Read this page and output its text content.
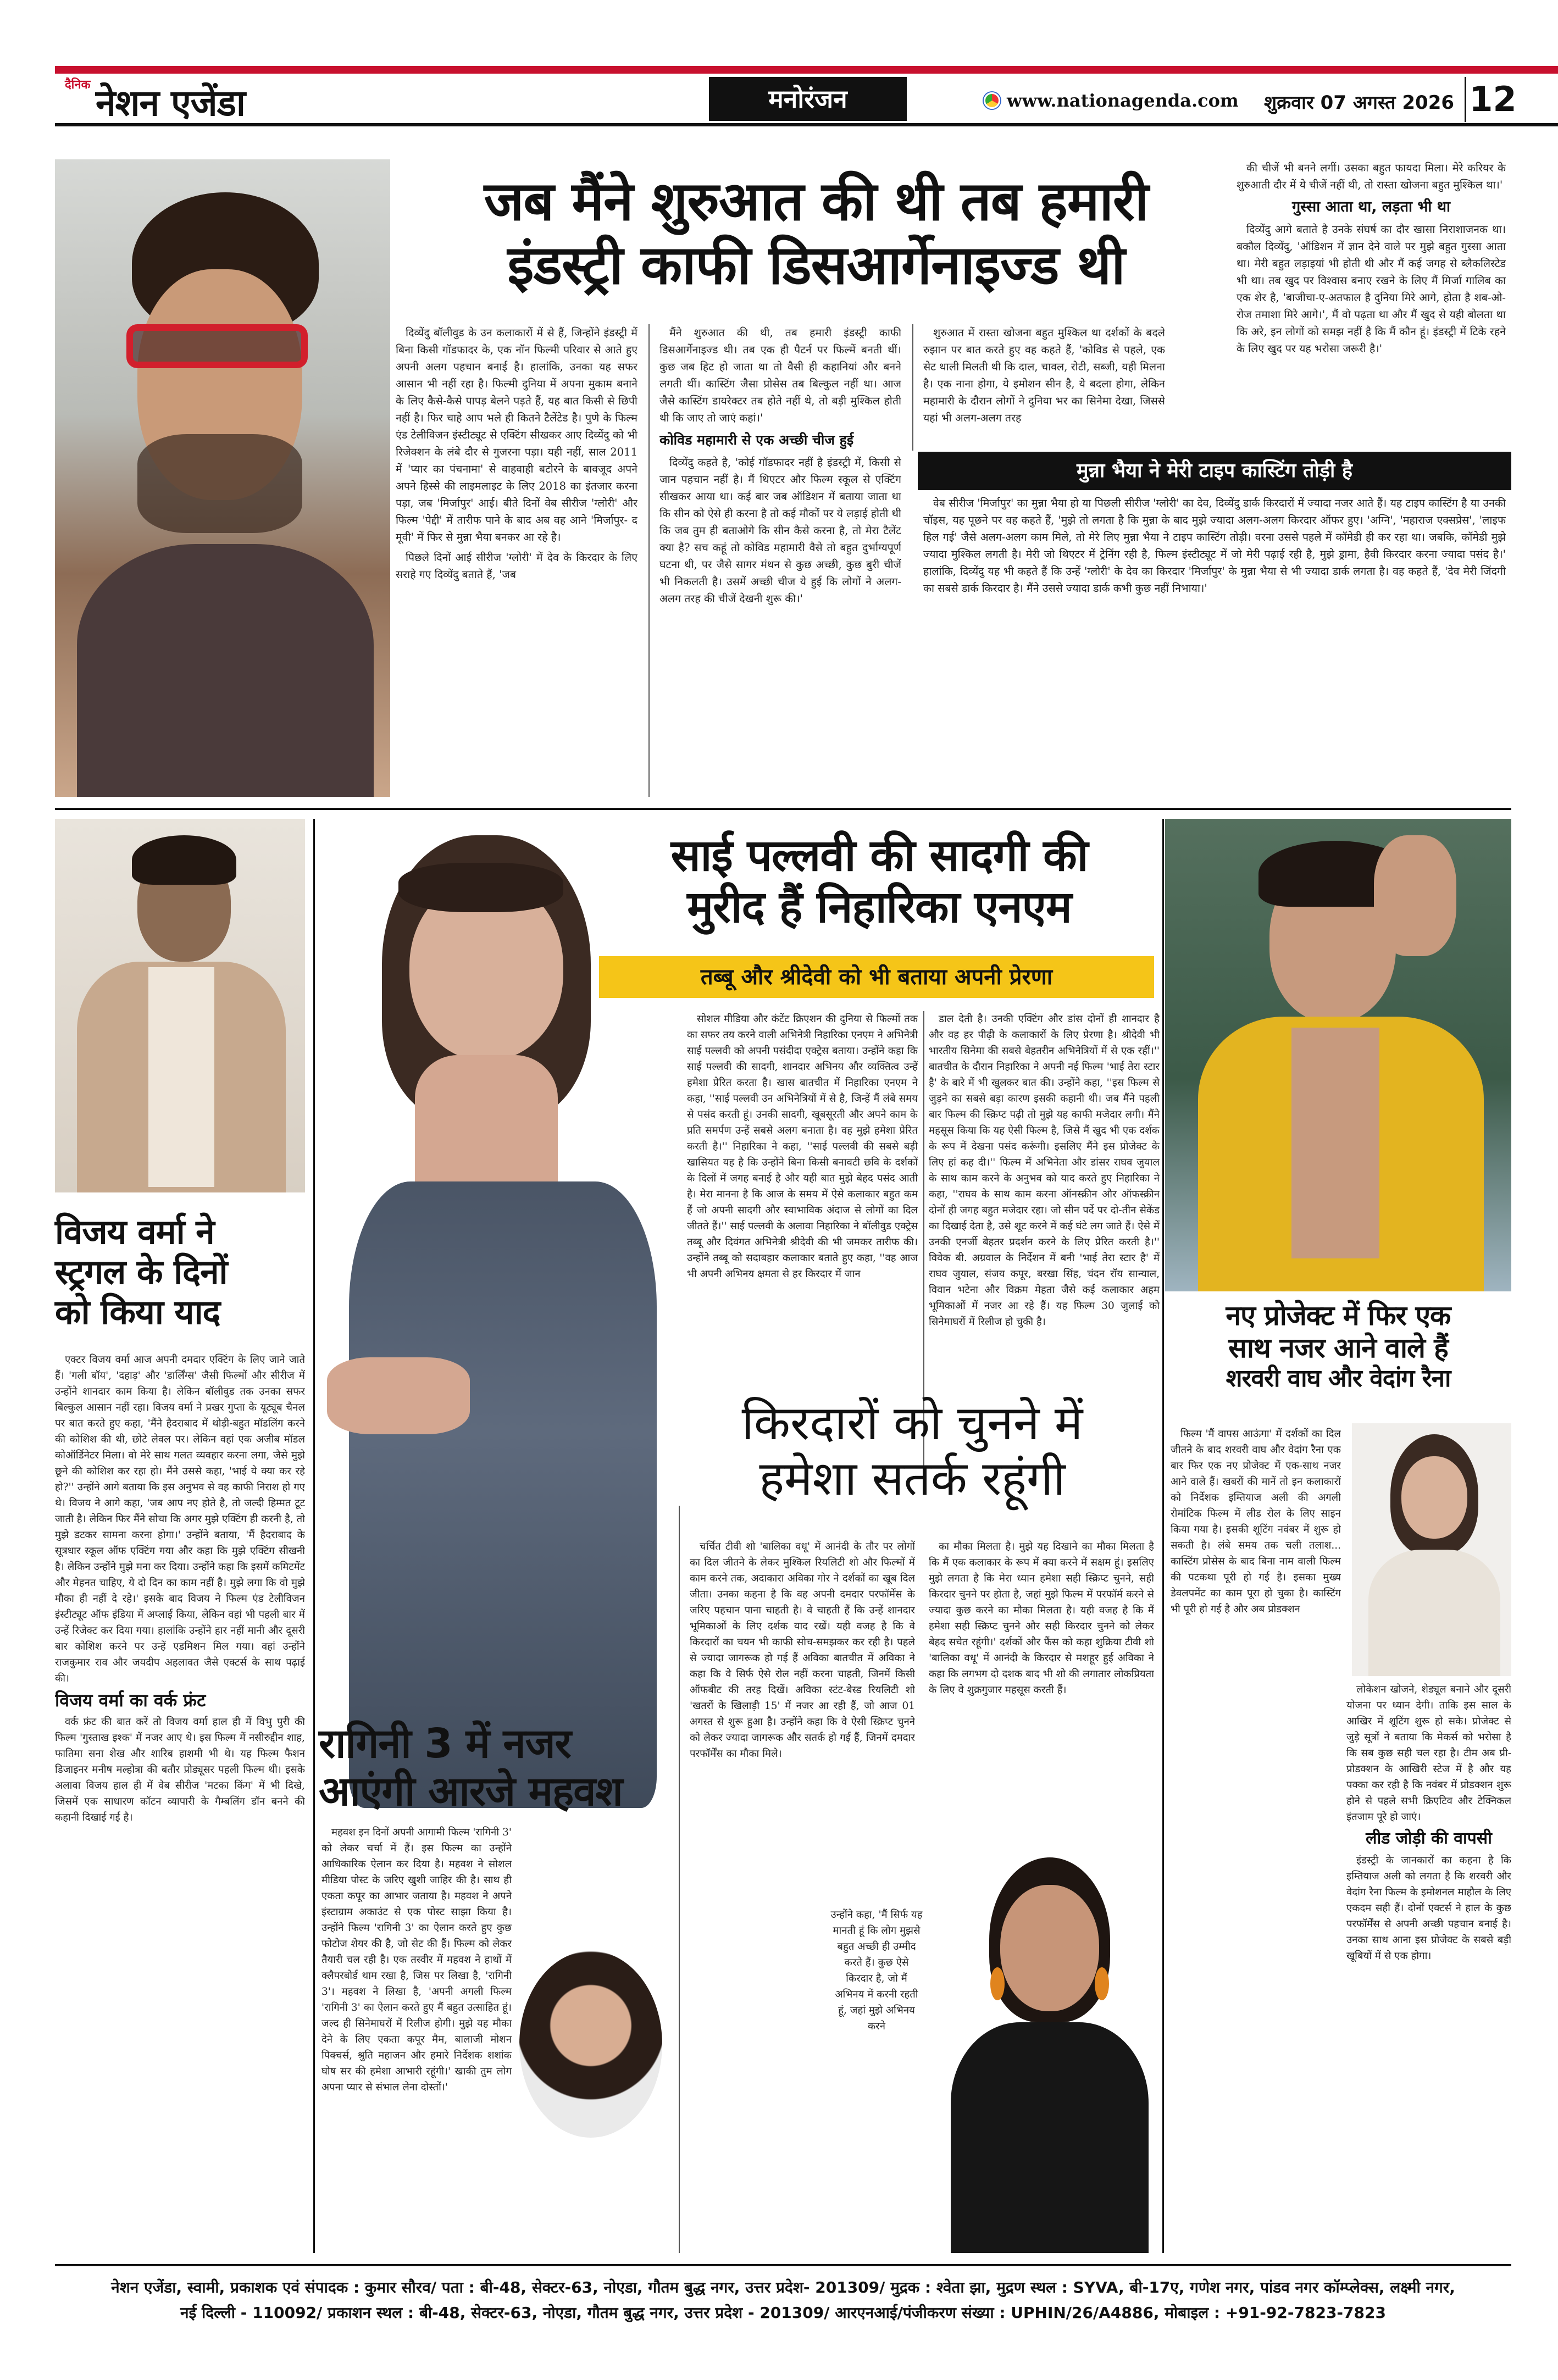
दैनिक नेशन एजेंडा	मनोरंजन	www.nationagenda.com शुक्रवार 07 अगस्त 2026 12
जब मैंने शुरुआत की थी तब हमारी
इंडस्ट्री काफी डिसआर्गेनाइज्ड थी

दिव्येंदु बॉलीवुड के उन कलाकारों में से हैं, जिन्होंने इंडस्ट्री में बिना किसी गॉडफादर के, एक नॉन फिल्मी परिवार से आते हुए अपनी अलग पहचान बनाई है। हालांकि, उनका यह सफर आसान भी नहीं रहा है। फिल्मी दुनिया में अपना मुकाम बनाने के लिए कैसे-कैसे पापड़ बेलने पड़ते हैं, यह बात किसी से छिपी नहीं है। फिर चाहे आप भले ही कितने टैलेंटेड है। पुणे के फिल्म एंड टेलीविजन इंस्टीट्यूट से एक्टिंग सीखकर आए दिव्येंदु को भी रिजेक्शन के लंबे दौर से गुजरना पड़ा। यही नहीं, साल 2011 में 'प्यार का पंचनामा' से वाहवाही बटोरने के बावजूद अपने अपने हिस्से की लाइमलाइट के लिए 2018 का इंतजार करना पड़ा, जब 'मिर्जापुर' आई। बीते दिनों वेब सीरीज 'ग्लोरी' और फिल्म 'पेद्दी' में तारीफ पाने के बाद अब वह आने 'मिर्जापुर- द मूवी' में फिर से मुन्ना भैया बनकर आ रहे है।

पिछले दिनों आई सीरीज 'ग्लोरी' में देव के किरदार के लिए सराहे गए दिव्येंदु बताते हैं, 'जब

मैंने शुरुआत की थी, तब हमारी इंडस्ट्री काफी डिसआर्गेनाइज्ड थी। तब एक ही पैटर्न पर फिल्में बनती थीं। कुछ जब हिट हो जाता था तो वैसी ही कहानियां और बनने लगती थीं। कास्टिंग जैसा प्रोसेस तब बिल्कुल नहीं था। आज जैसे कास्टिंग डायरेक्टर तब होते नहीं थे, तो बड़ी मुश्किल होती थी कि जाए तो जाएं कहां।'

कोविड महामारी से एक अच्छी चीज हुई

दिव्येंदु कहते है, 'कोई गॉडफादर नहीं है इंडस्ट्री में, किसी से जान पहचान नहीं है। मैं थिएटर और फिल्म स्कूल से एक्टिंग सीखकर आया था। कई बार जब ऑडिशन में बताया जाता था कि सीन को ऐसे ही करना है तो कई मौकों पर ये लड़ाई होती थी कि जब तुम ही बताओगे कि सीन कैसे करना है, तो मेरा टैलेंट क्या है? सच कहूं तो कोविड महामारी वैसे तो बहुत दुर्भाग्यपूर्ण घटना थी, पर जैसे सागर मंथन से कुछ अच्छी, कुछ बुरी चीजें भी निकलती है। उसमें अच्छी चीज ये हुई कि लोगों ने अलग-अलग तरह की चीजें देखनी शुरू की।'

शुरुआत में रास्ता खोजना बहुत मुश्किल था दर्शकों के बदले रुझान पर बात करते हुए वह कहते हैं, 'कोविड से पहले, एक सेट थाली मिलती थी कि दाल, चावल, रोटी, सब्जी, यही मिलना है। एक नाना होगा, ये इमोशन सीन है, ये बदला होगा, लेकिन महामारी के दौरान लोगों ने दुनिया भर का सिनेमा देखा, जिससे यहां भी अलग-अलग तरह

की चीजें भी बनने लगीं। उसका बहुत फायदा मिला। मेरे करियर के शुरुआती दौर में ये चीजें नहीं थी, तो रास्ता खोजना बहुत मुश्किल था।'

गुस्सा आता था, लड़ता भी था

दिव्येंदु आगे बताते है उनके संघर्ष का दौर खासा निराशाजनक था। बकौल दिव्येंदु, 'ऑडिशन में ज्ञान देने वाले पर मुझे बहुत गुस्सा आता था। मेरी बहुत लड़ाइयां भी होती थी और मैं कई जगह से ब्लैकलिस्टेड भी था। तब खुद पर विश्वास बनाए रखने के लिए मैं मिर्जा गालिब का एक शेर है, 'बाजीचा-ए-अतफाल है दुनिया मिरे आगे, होता है शब-ओ-रोज तमाशा मिरे आगे।', मैं वो पढ़ता था और मैं खुद से यही बोलता था कि अरे, इन लोगों को समझ नहीं है कि मैं कौन हूं। इंडस्ट्री में टिके रहने के लिए खुद पर यह भरोसा जरूरी है।'

मुन्ना भैया ने मेरी टाइप कास्टिंग तोड़ी है

वेब सीरीज 'मिर्जापुर' का मुन्ना भैया हो या पिछली सीरीज 'ग्लोरी' का देव, दिव्येंदु डार्क किरदारों में ज्यादा नजर आते हैं। यह टाइप कास्टिंग है या उनकी चॉइस, यह पूछने पर वह कहते हैं, 'मुझे तो लगता है कि मुन्ना के बाद मुझे ज्यादा अलग-अलग किरदार ऑफर हुए। 'अग्नि', 'महाराज एक्सप्रेस', 'लाइफ हिल गई' जैसे अलग-अलग काम मिले, तो मेरे लिए मुन्ना भैया ने टाइप कास्टिंग तोड़ी। वरना उससे पहले में कॉमेडी ही कर रहा था। जबकि, कॉमेडी मुझे ज्यादा मुश्किल लगती है। मेरी जो थिएटर में ट्रेनिंग रही है, फिल्म इंस्टीट्यूट में जो मेरी पढ़ाई रही है, मुझे ड्रामा, हैवी किरदार करना ज्यादा पसंद है।' हालांकि, दिव्येंदु यह भी कहते हैं कि उन्हें 'ग्लोरी' के देव का किरदार 'मिर्जापुर' के मुन्ना भैया से भी ज्यादा डार्क लगता है। वह कहते हैं, 'देव मेरी जिंदगी का सबसे डार्क किरदार है। मैंने उससे ज्यादा डार्क कभी कुछ नहीं निभाया।'

विजय वर्मा ने
स्ट्रगल के दिनों
को किया याद

एक्टर विजय वर्मा आज अपनी दमदार एक्टिंग के लिए जाने जाते हैं। 'गली बॉय', 'दहाड़' और 'डार्लिंग्स' जैसी फिल्मों और सीरीज में उन्होंने शानदार काम किया है। लेकिन बॉलीवुड तक उनका सफर बिल्कुल आसान नहीं रहा। विजय वर्मा ने प्रखर गुप्ता के यूट्यूब चैनल पर बात करते हुए कहा, 'मैंने हैदराबाद में थोड़ी-बहुत मॉडलिंग करने की कोशिश की थी, छोटे लेवल पर। लेकिन वहां एक अजीब मॉडल कोऑर्डिनेटर मिला। वो मेरे साथ गलत व्यवहार करना लगा, जैसे मुझे छूने की कोशिश कर रहा हो। मैंने उससे कहा, 'भाई ये क्या कर रहे हो?'' उन्होंने आगे बताया कि इस अनुभव से वह काफी निराश हो गए थे। विजय ने आगे कहा, 'जब आप नए होते है, तो जल्दी हिम्मत टूट जाती है। लेकिन फिर मैंने सोचा कि अगर मुझे एक्टिंग ही करनी है, तो मुझे डटकर सामना करना होगा।' उन्होंने बताया, 'मैं हैदराबाद के सूत्रधार स्कूल ऑफ एक्टिंग गया और कहा कि मुझे एक्टिंग सीखनी है। लेकिन उन्होंने मुझे मना कर दिया। उन्होंने कहा कि इसमें कमिटमेंट और मेहनत चाहिए, ये दो दिन का काम नहीं है। मुझे लगा कि वो मुझे मौका ही नहीं दे रहे।' इसके बाद विजय ने फिल्म एंड टेलीविजन इंस्टीट्यूट ऑफ इंडिया में अप्लाई किया, लेकिन वहां भी पहली बार में उन्हें रिजेक्ट कर दिया गया। हालांकि उन्होंने हार नहीं मानी और दूसरी बार कोशिश करने पर उन्हें एडमिशन मिल गया। वहां उन्होंने राजकुमार राव और जयदीप अहलावत जैसे एक्टर्स के साथ पढ़ाई की।

विजय वर्मा का वर्क फ्रंट

वर्क फ्रंट की बात करें तो विजय वर्मा हाल ही में विभु पुरी की फिल्म 'गुस्ताख इश्क' में नजर आए थे। इस फिल्म में नसीरुद्दीन शाह, फातिमा सना शेख और शारिब हाशमी भी थे। यह फिल्म फैशन डिजाइनर मनीष मल्होत्रा की बतौर प्रोड्यूसर पहली फिल्म थी। इसके अलावा विजय हाल ही में वेब सीरीज 'मटका किंग' में भी दिखे, जिसमें एक साधारण कॉटन व्यापारी के गैम्बलिंग डॉन बनने की कहानी दिखाई गई है।

साई पल्लवी की सादगी की
मुरीद हैं निहारिका एनएम
तब्बू और श्रीदेवी को भी बताया अपनी प्रेरणा

सोशल मीडिया और कंटेंट क्रिएशन की दुनिया से फिल्मों तक का सफर तय करने वाली अभिनेत्री निहारिका एनएम ने अभिनेत्री साई पल्लवी को अपनी पसंदीदा एक्ट्रेस बताया। उन्होंने कहा कि साई पल्लवी की सादगी, शानदार अभिनय और व्यक्तित्व उन्हें हमेशा प्रेरित करता है। खास बातचीत में निहारिका एनएम ने कहा, ''साई पल्लवी उन अभिनेत्रियों में से है, जिन्हें मैं लंबे समय से पसंद करती हूं। उनकी सादगी, खूबसूरती और अपने काम के प्रति समर्पण उन्हें सबसे अलग बनाता है। वह मुझे हमेशा प्रेरित करती है।'' निहारिका ने कहा, ''साई पल्लवी की सबसे बड़ी खासियत यह है कि उन्होंने बिना किसी बनावटी छवि के दर्शकों के दिलों में जगह बनाई है और यही बात मुझे बेहद पसंद आती है। मेरा मानना है कि आज के समय में ऐसे कलाकार बहुत कम हैं जो अपनी सादगी और स्वाभाविक अंदाज से लोगों का दिल जीतते हैं।'' साई पल्लवी के अलावा निहारिका ने बॉलीवुड एक्ट्रेस तब्बू और दिवंगत अभिनेत्री श्रीदेवी की भी जमकर तारीफ की। उन्होंने तब्बू को सदाबहार कलाकार बताते हुए कहा, ''वह आज भी अपनी अभिनय क्षमता से हर किरदार में जान

डाल देती है। उनकी एक्टिंग और डांस दोनों ही शानदार है और वह हर पीढ़ी के कलाकारों के लिए प्रेरणा है। श्रीदेवी भी भारतीय सिनेमा की सबसे बेहतरीन अभिनेत्रियों में से एक रहीं।'' बातचीत के दौरान निहारिका ने अपनी नई फिल्म 'भाई तेरा स्टार है' के बारे में भी खुलकर बात की। उन्होंने कहा, ''इस फिल्म से जुड़ने का सबसे बड़ा कारण इसकी कहानी थी। जब मैंने पहली बार फिल्म की स्क्रिप्ट पढ़ी तो मुझे यह काफी मजेदार लगी। मैंने महसूस किया कि यह ऐसी फिल्म है, जिसे मैं खुद भी एक दर्शक के रूप में देखना पसंद करूंगी। इसलिए मैंने इस प्रोजेक्ट के लिए हां कह दी।'' फिल्म में अभिनेता और डांसर राघव जुयाल के साथ काम करने के अनुभव को याद करते हुए निहारिका ने कहा, ''राघव के साथ काम करना ऑनस्क्रीन और ऑफस्क्रीन दोनों ही जगह बहुत मजेदार रहा। जो सीन पर्दे पर दो-तीन सेकेंड का दिखाई देता है, उसे शूट करने में कई घंटे लग जाते हैं। ऐसे में उनकी एनर्जी बेहतर प्रदर्शन करने के लिए प्रेरित करती है।'' विवेक बी. अग्रवाल के निर्देशन में बनी 'भाई तेरा स्टार है' में राघव जुयाल, संजय कपूर, बरखा सिंह, चंदन रॉय सान्याल, विवान भटेना और विक्रम मेहता जैसे कई कलाकार अहम भूमिकाओं में नजर आ रहे हैं। यह फिल्म 30 जुलाई को सिनेमाघरों में रिलीज हो चुकी है।	नए प्रोजेक्ट में फिर एक
साथ नजर आने वाले हैं
शरवरी वाघ और वेदांग रैना

फिल्म 'मैं वापस आऊंगा' में दर्शकों का दिल जीतने के बाद शरवरी वाघ और वेदांग रैना एक बार फिर एक नए प्रोजेक्ट में एक-साथ नजर आने वाले हैं। खबरों की मानें तो इन कलाकारों को निर्देशक इम्तियाज अली की अगली रोमांटिक फिल्म में लीड रोल के लिए साइन किया गया है। इसकी शूटिंग नवंबर में शुरू हो सकती है। लंबे समय तक चली तलाश... कास्टिंग प्रोसेस के बाद बिना नाम वाली फिल्म की पटकथा पूरी हो गई है। इसका मुख्य डेवलपमेंट का काम पूरा हो चुका है। कास्टिंग भी पूरी हो गई है और अब प्रोडक्शन

लोकेशन खोजने, शेड्यूल बनाने और दूसरी योजना पर ध्यान देगी। ताकि इस साल के आखिर में शूटिंग शुरू हो सके। प्रोजेक्ट से जुड़े सूत्रों ने बताया कि मेकर्स को भरोसा है कि सब कुछ सही चल रहा है। टीम अब प्री-प्रोडक्शन के आखिरी स्टेज में है और यह पक्का कर रही है कि नवंबर में प्रोडक्शन शुरू होने से पहले सभी क्रिएटिव और टेक्निकल इंतजाम पूरे हो जाएं।

लीड जोड़ी की वापसी

इंडस्ट्री के जानकारों का कहना है कि इम्तियाज अली को लगता है कि शरवरी और वेदांग रैना फिल्म के इमोशनल माहौल के लिए एकदम सही हैं। दोनों एक्टर्स ने हाल के कुछ परफॉर्मेंस से अपनी अच्छी पहचान बनाई है। उनका साथ आना इस प्रोजेक्ट के सबसे बड़ी खूबियों में से एक होगा।

किरदारों को चुनने में
हमेशा सतर्क रहूंगी

चर्चित टीवी शो 'बालिका वधू' में आनंदी के तौर पर लोगों का दिल जीतने के लेकर मुश्किल रियलिटी शो और फिल्मों में काम करने तक, अदाकारा अविका गोर ने दर्शकों का खूब दिल जीता। उनका कहना है कि वह अपनी दमदार परफॉर्मेंस के जरिए पहचान पाना चाहती है। वे चाहती हैं कि उन्हें शानदार भूमिकाओं के लिए दर्शक याद रखें। यही वजह है कि वे किरदारों का चयन भी काफी सोच-समझकर कर रही है। पहले से ज्यादा जागरूक हो गई हैं अविका बातचीत में अविका ने कहा कि वे सिर्फ ऐसे रोल नहीं करना चाहती, जिनमें किसी ऑफबीट की तरह दिखें। अविका स्टंट-बेस्ड रियलिटी शो 'खतरों के खिलाड़ी 15' में नजर आ रही हैं, जो आज 01 अगस्त से शुरू हुआ है। उन्होंने कहा कि वे ऐसी स्क्रिप्ट चुनने को लेकर ज्यादा जागरूक और सतर्क हो गई हैं, जिनमें दमदार परफॉर्मेंस का मौका मिले।

उन्होंने कहा, 'मैं सिर्फ यह मानती हूं कि लोग मुझसे बहुत अच्छी ही उम्मीद करते हैं। कुछ ऐसे किरदार है, जो मैं अभिनय में करनी रहती हूं, जहां मुझे अभिनय करने

का मौका मिलता है। मुझे यह दिखाने का मौका मिलता है कि मैं एक कलाकार के रूप में क्या करने में सक्षम हूं। इसलिए मुझे लगता है कि मेरा ध्यान हमेशा सही स्क्रिप्ट चुनने, सही किरदार चुनने पर होता है, जहां मुझे फिल्म में परफॉर्म करने से ज्यादा कुछ करने का मौका मिलता है। यही वजह है कि मैं हमेशा सही स्क्रिप्ट चुनने और सही किरदार चुनने को लेकर बेहद सचेत रहूंगी।' दर्शकों और फैंस को कहा शुक्रिया टीवी शो 'बालिका वधू' में आनंदी के किरदार से मशहूर हुई अविका ने कहा कि लगभग दो दशक बाद भी शो की लगातार लोकप्रियता के लिए वे शुक्रगुजार महसूस करती हैं।

रागिनी 3 में नजर
आएंगी आरजे महवश

महवश इन दिनों अपनी आगामी फिल्म 'रागिनी 3' को लेकर चर्चा में हैं। इस फिल्म का उन्होंने आधिकारिक ऐलान कर दिया है। महवश ने सोशल मीडिया पोस्ट के जरिए खुशी जाहिर की है। साथ ही एकता कपूर का आभार जताया है। महवश ने अपने इंस्टाग्राम अकाउंट से एक पोस्ट साझा किया है। उन्होंने फिल्म 'रागिनी 3' का ऐलान करते हुए कुछ फोटोज शेयर की है, जो सेट की हैं। फिल्म को लेकर तैयारी चल रही है। एक तस्वीर में महवश ने हाथों में क्लैपरबोर्ड थाम रखा है, जिस पर लिखा है, 'रागिनी 3'। महवश ने लिखा है, 'अपनी अगली फिल्म 'रागिनी 3' का ऐलान करते हुए मैं बहुत उत्साहित हूं। जल्द ही सिनेमाघरों में रिलीज होगी। मुझे यह मौका देने के लिए एकता कपूर मैम, बालाजी मोशन पिक्चर्स, श्रुति महाजन और हमारे निर्देशक शशांक घोष सर की हमेशा आभारी रहूंगी।' खाकी तुम लोग अपना प्यार से संभाल लेना दोस्तों।'

नेशन एजेंडा, स्वामी, प्रकाशक एवं संपादक : कुमार सौरव/ पता : बी-48, सेक्टर-63, नोएडा, गौतम बुद्ध नगर, उत्तर प्रदेश- 201309/ मुद्रक : श्वेता झा, मुद्रण स्थल : SYVA, बी-17ए, गणेश नगर, पांडव नगर कॉम्प्लेक्स, लक्ष्मी नगर,
नई दिल्ली - 110092/ प्रकाशन स्थल : बी-48, सेक्टर-63, नोएडा, गौतम बुद्ध नगर, उत्तर प्रदेश - 201309/ आरएनआई/पंजीकरण संख्या : UPHIN/26/A4886, मोबाइल : +91-92-7823-7823
